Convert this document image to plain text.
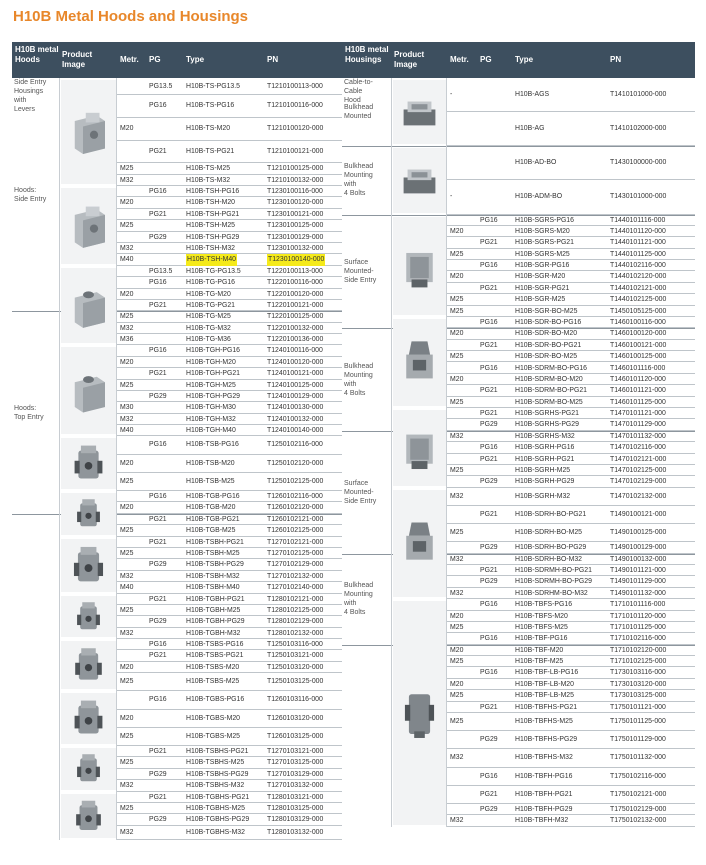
H10B Metal Hoods and Housings
H10B metal Hoods
Product Image
Metr. PG	Type	PN
PG13.5 H10B-TS-PG13.5	T1210100113-000
PG16	H10B-TS-PG16	T1210100116-000
M20	H10B-TS-M20	T1210100120-000
PG21	H10B-TS-PG21	T1210100121-000
M25	H10B-TS-M25	T1210100125-000
M32	H10B-TS-M32	T1210100132-000
PG16	H10B-TSH-PG16	T1230100116-000
M20	H10B-TSH-M20	T1230100120-000
PG21	H10B-TSH-PG21	T1230100121-000
M25	H10B-TSH-M25	T1230100125-000
PG29	H10B-TSH-PG29	T1230100129-000
M32	H10B-TSH-M32	T1230100132-000
M40	H10B-TSH-M40	T1230100140-000
PG13.5 H10B-TG-PG13.5	T1220100113-000
PG16	H10B-TG-PG16	T1220100116-000
M20	H10B-TG-M20	T1220100120-000
PG21	H10B-TG-PG21	T1220100121-000
M25	H10B-TG-M25	T1220100125-000
M32	H10B-TG-M32	T1220100132-000
M36	H10B-TG-M36	T1220100136-000
PG16	H10B-TGH-PG16	T1240100116-000
M20	H10B-TGH-M20	T1240100120-000
PG21	H10B-TGH-PG21	T1240100121-000
M25	H10B-TGH-M25	T1240100125-000
PG29	H10B-TGH-PG29	T1240100129-000
M30	H10B-TGH-M30	T1240100130-000
M32	H10B-TGH-M32	T1240100132-000
M40	H10B-TGH-M40	T1240100140-000
PG16	H10B-TSB-PG16	T1250102116-000
M20	H10B-TSB-M20	T1250102120-000
M25	H10B-TSB-M25	T1250102125-000
PG16	H10B-TGB-PG16	T1260102116-000
M20	H10B-TGB-M20	T1260102120-000
PG21	H10B-TGB-PG21	T1260102121-000
M25	H10B-TGB-M25	T1260102125-000
PG21	H10B-TSBH-PG21	T1270102121-000
M25	H10B-TSBH-M25	T1270102125-000
PG29	H10B-TSBH-PG29	T1270102129-000
M32	H10B-TSBH-M32	T1270102132-000
M40	H10B-TSBH-M40	T1270102140-000
PG21	H10B-TGBH-PG21	T1280102121-000
M25	H10B-TGBH-M25	T1280102125-000
PG29	H10B-TGBH-PG29	T1280102129-000
M32	H10B-TGBH-M32	T1280102132-000
PG16	H10B-TSBS-PG16	T1250103116-000
PG21	H10B-TSBS-PG21	T1250103121-000
M20	H10B-TSBS-M20	T1250103120-000
M25	H10B-TSBS-M25	T1250103125-000
PG16	H10B-TGBS-PG16	T1260103116-000
M20	H10B-TGBS-M20	T1260103120-000
M25	H10B-TGBS-M25	T1260103125-000
PG21	H10B-TSBHS-PG21	T1270103121-000
M25	H10B-TSBHS-M25	T1270103125-000
PG29	H10B-TSBHS-PG29	T1270103129-000
M32	H10B-TSBHS-M32	T1270103132-000
PG21	H10B-TGBHS-PG21	T1280103121-000
M25	H10B-TGBHS-M25	T1280103125-000
PG29	H10B-TGBHS-PG29	T1280103129-000
M32	H10B-TGBHS-M32	T1280103132-000
Hoods:
Side Entry
Hoods:
Top Entry
Side Entry
Housings
with
Levers
H10B metal Housings
Product Image
Metr. PG	Type	PN
-	H10B-AGS	T1410101000-000
H10B-AG	T1410102000-000
H10B-AD-BO	T1430100000-000
-	H10B-ADM-BO	T1430101000-000
PG16	H10B-SGRS-PG16	T1440101116-000
M20	H10B-SGRS-M20	T1440101120-000
PG21	H10B-SGRS-PG21	T1440101121-000
M25	H10B-SGRS-M25	T1440101125-000
PG16	H10B-SGR-PG16	T1440102116-000
M20	H10B-SGR-M20	T1440102120-000
PG21	H10B-SGR-PG21	T1440102121-000
M25	H10B-SGR-M25	T1440102125-000
M25	H10B-SGR-BO-M25	T1450105125-000
PG16	H10B-SDR-BO-PG16	T1460100116-000
M20	H10B-SDR-BO-M20	T1460100120-000
PG21	H10B-SDR-BO-PG21	T1460100121-000
M25	H10B-SDR-BO-M25	T1460100125-000
PG16	H10B-SDRM-BO-PG16	T1460101116-000
M20	H10B-SDRM-BO-M20	T1460101120-000
PG21	H10B-SDRM-BO-PG21	T1460101121-000
M25	H10B-SDRM-BO-M25	T1460101125-000
PG21	H10B-SGRHS-PG21	T1470101121-000
PG29	H10B-SGRHS-PG29	T1470101129-000
M32	H10B-SGRHS-M32	T1470101132-000
PG16	H10B-SGRH-PG16	T1470102116-000
PG21	H10B-SGRH-PG21	T1470102121-000
M25	H10B-SGRH-M25	T1470102125-000
PG29	H10B-SGRH-PG29	T1470102129-000
M32	H10B-SGRH-M32	T1470102132-000
PG21	H10B-SDRH-BO-PG21	T1490100121-000
M25	H10B-SDRH-BO-M25	T1490100125-000
PG29	H10B-SDRH-BO-PG29	T1490100129-000
M32	H10B-SDRH-BO-M32	T1490100132-000
PG21	H10B-SDRMH-BO-PG21	T1490101121-000
PG29	H10B-SDRMH-BO-PG29	T1490101129-000
M32	H10B-SDRHM-BO-M32	T1490101132-000
PG16	H10B-TBFS-PG16	T1710101116-000
M20	H10B-TBFS-M20	T1710101120-000
M25	H10B-TBFS-M25	T1710101125-000
PG16	H10B-TBF-PG16	T1710102116-000
M20	H10B-TBF-M20	T1710102120-000
M25	H10B-TBF-M25	T1710102125-000
PG16	H10B-TBF-LB-PG16	T1730103116-000
M20	H10B-TBF-LB-M20	T1730103120-000
M25	H10B-TBF-LB-M25	T1730103125-000
PG21	H10B-TBFHS-PG21	T1750101121-000
M25	H10B-TBFHS-M25	T1750101125-000
PG29	H10B-TBFHS-PG29	T1750101129-000
M32	H10B-TBFHS-M32	T1750101132-000
PG16	H10B-TBFH-PG16	T1750102116-000
PG21	H10B-TBFH-PG21	T1750102121-000
PG29	H10B-TBFH-PG29	T1750102129-000
M32	H10B-TBFH-M32	T1750102132-000
Bulkhead
Mounted
Bulkhead
Mounting
with
4 Bolts
Surface
Mounted-
Side Entry
Bulkhead
Mounting
with
4 Bolts
Surface
Mounted-
Side Entry
Bulkhead
Mounting
with
4 Bolts
Cable-to-
Cable
Hood
